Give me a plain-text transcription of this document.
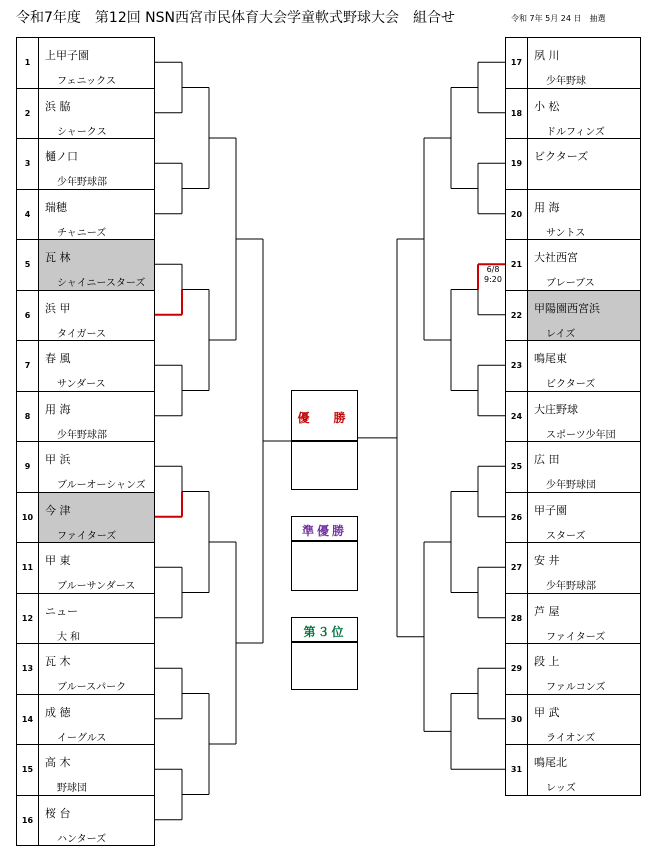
令和7年度　第12回 NSN西宮市民体育大会学童軟式野球大会　組合せ	令和 7年 5月 24 日　抽選
優　勝
準優勝
第３位
6/8
9:20
1
上甲子園
フェニックス
2
浜 脇
シャークス
3
樋ノ口
少年野球部
4
瑞穂
チャニーズ
5
瓦 林
シャイニースターズ
6
浜 甲
タイガース
7
春 風
サンダース
8
用 海
少年野球部
9
甲 浜
ブルーオーシャンズ
10
今 津
ファイターズ
11
甲 東
ブルーサンダース
12
ニュー
大 和
13
瓦 木
ブルースパーク
14
成 徳
イーグルス
15
高 木
野球団
16
桜 台
ハンターズ
17
夙 川
少年野球
18
小 松
ドルフィンズ
19
ビクターズ
20
用 海
サントス
21
大社西宮
ブレーブス
22
甲陽園西宮浜
レイズ
23
鳴尾東
ビクターズ
24
大庄野球
スポーツ少年団
25
広 田
少年野球団
26
甲子園
スターズ
27
安 井
少年野球部
28
芦 屋
ファイターズ
29
段 上
ファルコンズ
30
甲 武
ライオンズ
31
鳴尾北
レッズ
